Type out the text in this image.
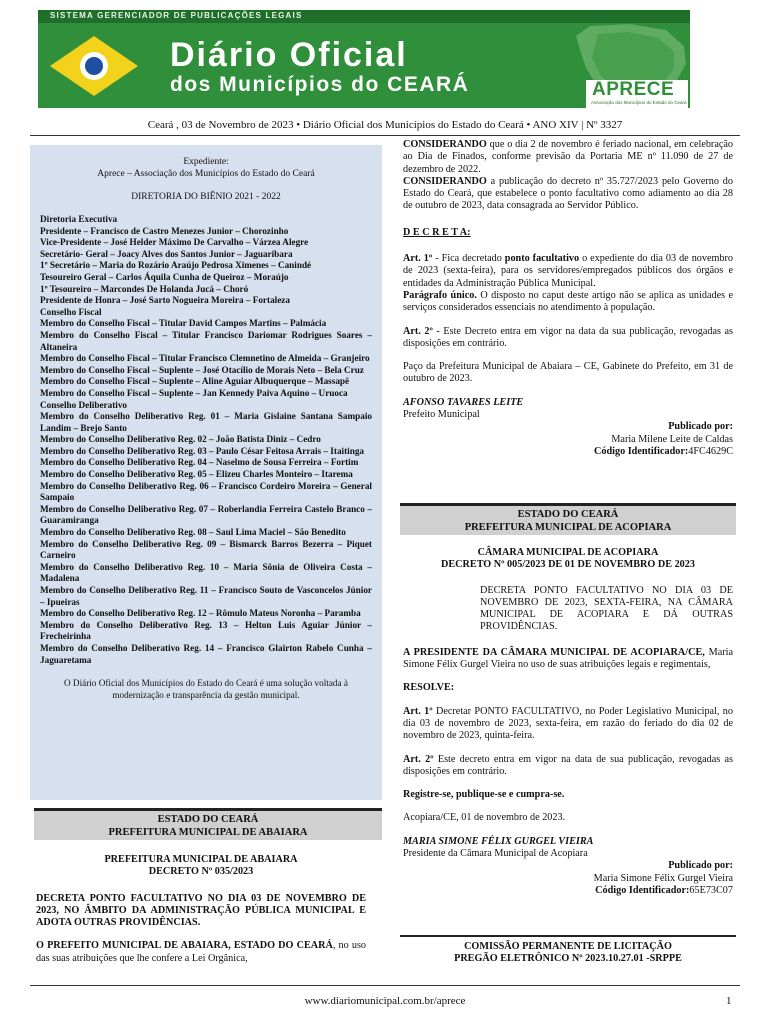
SISTEMA GERENCIADOR DE PUBLICAÇÕES LEGAIS
Diário Oficial
dos Municípios do CEARÁ	APRECE
Associação dos Municípios do Estado do Ceará
Ceará , 03 de Novembro de 2023 • Diário Oficial dos Municípios do Estado do Ceará • ANO XIV | Nº 3327
Expediente:
Aprece – Associação dos Municípios do Estado do Ceará
DIRETORIA DO BIÊNIO 2021 - 2022
Diretoria Executiva
Presidente – Francisco de Castro Menezes Junior – Chorozinho
Vice-Presidente – José Helder Máximo De Carvalho – Várzea Alegre
Secretário- Geral – Joacy Alves dos Santos Junior – Jaguaribara
1º Secretário – Maria do Rozário Araújo Pedrosa Ximenes – Canindé
Tesoureiro Geral – Carlos Áquila Cunha de Queiroz – Moraújo
1º Tesoureiro – Marcondes De Holanda Jucá – Choró
Presidente de Honra – José Sarto Nogueira Moreira – Fortaleza
Conselho Fiscal
Membro do Conselho Fiscal – Titular David Campos Martins – Palmácia
Membro do Conselho Fiscal – Titular Francisco Dariomar Rodrigues Soares – Altaneira
Membro do Conselho Fiscal – Titular Francisco Clemnetino de Almeida – Granjeiro
Membro do Conselho Fiscal – Suplente – José Otacílio de Morais Neto – Bela Cruz
Membro do Conselho Fiscal – Suplente – Aline Aguiar Albuquerque – Massapê
Membro do Conselho Fiscal – Suplente – Jan Kennedy Paiva Aquino – Uruoca
Conselho Deliberativo
Membro do Conselho Deliberativo Reg. 01 – Maria Gislaine Santana Sampaio Landim – Brejo Santo
Membro do Conselho Deliberativo Reg. 02 – João Batista Diniz – Cedro
Membro do Conselho Deliberativo Reg. 03 – Paulo César Feitosa Arrais – Itaitinga
Membro do Conselho Deliberativo Reg. 04 – Naselmo de Sousa Ferreira – Fortim
Membro do Conselho Deliberativo Reg. 05 – Elizeu Charles Monteiro – Itarema
Membro do Conselho Deliberativo Reg. 06 – Francisco Cordeiro Moreira – General Sampaio
Membro do Conselho Deliberativo Reg. 07 – Roberlandia Ferreira Castelo Branco – Guaramiranga
Membro do Conselho Deliberativo Reg. 08 – Saul Lima Maciel – São Benedito
Membro do Conselho Deliberativo Reg. 09 – Bismarck Barros Bezerra – Piquet Carneiro
Membro do Conselho Deliberativo Reg. 10 – Maria Sônia de Oliveira Costa – Madalena
Membro do Conselho Deliberativo Reg. 11 – Francisco Souto de Vasconcelos Júnior – Ipueiras
Membro do Conselho Deliberativo Reg. 12 – Rômulo Mateus Noronha – Paramba
Membro do Conselho Deliberativo Reg. 13 – Helton Luis Aguiar Júnior – Frecheirinha
Membro do Conselho Deliberativo Reg. 14 – Francisco Glairton Rabelo Cunha – Jaguaretama
O Diário Oficial dos Municípios do Estado do Ceará é uma solução voltada à modernização e transparência da gestão municipal.
ESTADO DO CEARÁ
PREFEITURA MUNICIPAL DE ABAIARA
PREFEITURA MUNICIPAL DE ABAIARA
DECRETO Nº 035/2023
DECRETA PONTO FACULTATIVO NO DIA 03 DE NOVEMBRO DE 2023, NO ÂMBITO DA ADMINISTRAÇÃO PÚBLICA MUNICIPAL E ADOTA OUTRAS PROVIDÊNCIAS.
O PREFEITO MUNICIPAL DE ABAIARA, ESTADO DO CEARÁ, no uso das suas atribuições que lhe confere a Lei Orgânica,
CONSIDERANDO que o dia 2 de novembro é feriado nacional, em celebração ao Dia de Finados, conforme previsão da Portaria ME nº 11.090 de 27 de dezembro de 2022.
CONSIDERANDO a publicação do decreto nº 35.727/2023 pelo Governo do Estado do Ceará, que estabelece o ponto facultativo como adiamento ao dia 28 de outubro de 2023, data consagrada ao Servidor Público.
D E C R E T A:
Art. 1º - Fica decretado ponto facultativo o expediente do dia 03 de novembro de 2023 (sexta-feira), para os servidores/empregados públicos dos órgãos e entidades da Administração Pública Municipal.
Parágrafo único. O disposto no caput deste artigo não se aplica as unidades e serviços considerados essenciais no atendimento à população.
Art. 2º - Este Decreto entra em vigor na data da sua publicação, revogadas as disposições em contrário.
Paço da Prefeitura Municipal de Abaiara – CE, Gabinete do Prefeito, em 31 de outubro de 2023.
AFONSO TAVARES LEITE
Prefeito Municipal
Publicado por:
Maria Milene Leite de Caldas
Código Identificador:4FC4629C
ESTADO DO CEARÁ
PREFEITURA MUNICIPAL DE ACOPIARA
CÂMARA MUNICIPAL DE ACOPIARA
DECRETO Nº 005/2023 DE 01 DE NOVEMBRO DE 2023
DECRETA PONTO FACULTATIVO NO DIA 03 DE NOVEMBRO DE 2023, SEXTA-FEIRA, NA CÂMARA MUNICIPAL DE ACOPIARA E DÁ OUTRAS PROVIDÊNCIAS.
A PRESIDENTE DA CÂMARA MUNICIPAL DE ACOPIARA/CE, Maria Simone Félix Gurgel Vieira no uso de suas atribuições legais e regimentais,
RESOLVE:
Art. 1º Decretar PONTO FACULTATIVO, no Poder Legislativo Municipal, no dia 03 de novembro de 2023, sexta-feira, em razão do feriado do dia 02 de novembro de 2023, quinta-feira.
Art. 2º Este decreto entra em vigor na data de sua publicação, revogadas as disposições em contrário.
Registre-se, publique-se e cumpra-se.
Acopiara/CE, 01 de novembro de 2023.
MARIA SIMONE FÉLIX GURGEL VIEIRA
Presidente da Câmara Municipal de Acopiara
Publicado por:
Maria Simone Félix Gurgel Vieira
Código Identificador:65E73C07
COMISSÃO PERMANENTE DE LICITAÇÃO
PREGÃO ELETRÔNICO Nº 2023.10.27.01 -SRPPE
www.diariomunicipal.com.br/aprece	1
